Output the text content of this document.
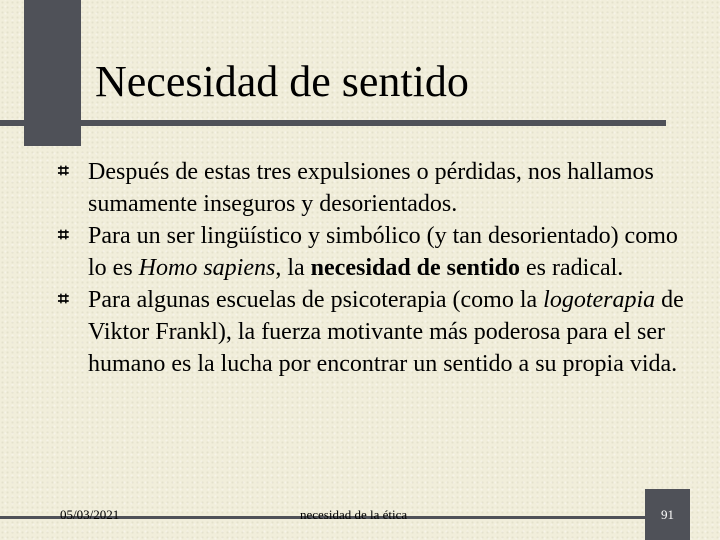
Necesidad de sentido
⌗ Después de estas tres expulsiones o pérdidas, nos hallamos sumamente inseguros y desorientados.
⌗ Para un ser lingüístico y simbólico (y tan desorientado) como lo es Homo sapiens, la necesidad de sentido es radical.
⌗ Para algunas escuelas de psicoterapia (como la logoterapia de Viktor Frankl), la fuerza motivante más poderosa para el ser humano es la lucha por encontrar un sentido a su propia vida.
05/03/2021	necesidad de la ética	91
